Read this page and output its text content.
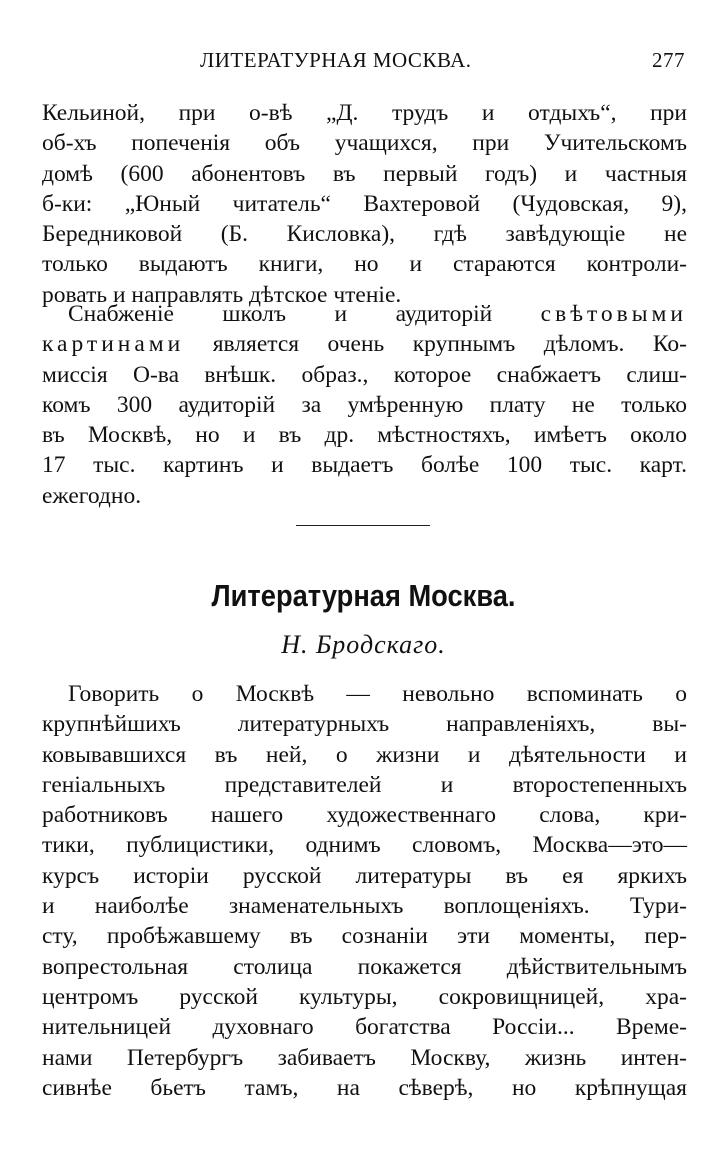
ЛИТЕРАТУРНАЯ МОСКВА.	277
Кельиной, при о-вѣ „Д. трудъ и отдыхъ“, при
об-хъ попеченія объ учащихся, при Учительскомъ
домѣ (600 абонентовъ въ первый годъ) и частныя
б-ки: „Юный читатель“ Вахтеровой (Чудовская, 9),
Бередниковой (Б. Кисловка), гдѣ завѣдующіе не
только выдаютъ книги, но и стараются контроли-
ровать и направлять дѣтское чтеніе.
Снабженіе школъ и аудиторій свѣтовыми
картинами является очень крупнымъ дѣломъ. Ко-
миссія О-ва внѣшк. образ., которое снабжаетъ слиш-
комъ 300 аудиторій за умѣренную плату не только
въ Москвѣ, но и въ др. мѣстностяхъ, имѣетъ около
17 тыс. картинъ и выдаетъ болѣе 100 тыс. карт.
ежегодно.
Литературная Москва.
Н. Бродскаго.
Говорить о Москвѣ — невольно вспоминать о
крупнѣйшихъ литературныхъ направленіяхъ, вы-
ковывавшихся въ ней, о жизни и дѣятельности и
геніальныхъ представителей и второстепенныхъ
работниковъ нашего художественнаго слова, кри-
тики, публицистики, однимъ словомъ, Москва—это—
курсъ исторіи русской литературы въ ея яркихъ
и наиболѣе знаменательныхъ воплощеніяхъ. Тури-
сту, пробѣжавшему въ сознаніи эти моменты, пер-
вопрестольная столица покажется дѣйствительнымъ
центромъ русской культуры, сокровищницей, хра-
нительницей духовнаго богатства Россіи... Време-
нами Петербургъ забиваетъ Москву, жизнь интен-
сивнѣе бьетъ тамъ, на сѣверѣ, но крѣпнущая
